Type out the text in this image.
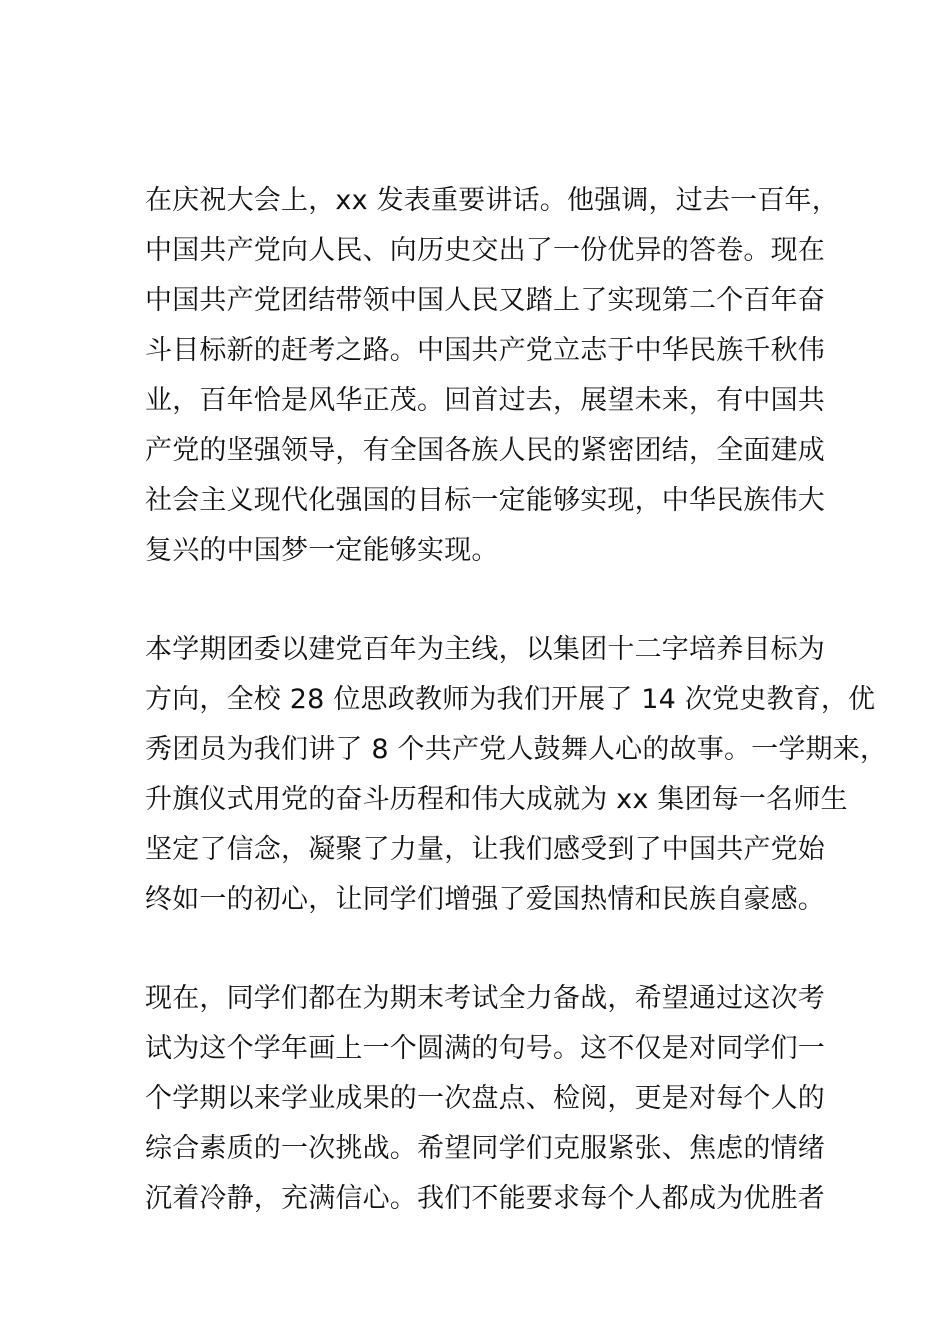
在庆祝大会上，xx 发表重要讲话。他强调，过去一百年，
中国共产党向人民、向历史交出了一份优异的答卷。现在
中国共产党团结带领中国人民又踏上了实现第二个百年奋
斗目标新的赶考之路。中国共产党立志于中华民族千秋伟
业，百年恰是风华正茂。回首过去，展望未来，有中国共
产党的坚强领导，有全国各族人民的紧密团结，全面建成
社会主义现代化强国的目标一定能够实现，中华民族伟大
复兴的中国梦一定能够实现。
本学期团委以建党百年为主线，以集团十二字培养目标为
方向，全校 28 位思政教师为我们开展了 14 次党史教育，优
秀团员为我们讲了 8 个共产党人鼓舞人心的故事。一学期来，
升旗仪式用党的奋斗历程和伟大成就为 xx 集团每一名师生
坚定了信念，凝聚了力量，让我们感受到了中国共产党始
终如一的初心，让同学们增强了爱国热情和民族自豪感。
现在，同学们都在为期末考试全力备战，希望通过这次考
试为这个学年画上一个圆满的句号。这不仅是对同学们一
个学期以来学业成果的一次盘点、检阅，更是对每个人的
综合素质的一次挑战。希望同学们克服紧张、焦虑的情绪
沉着冷静，充满信心。我们不能要求每个人都成为优胜者
